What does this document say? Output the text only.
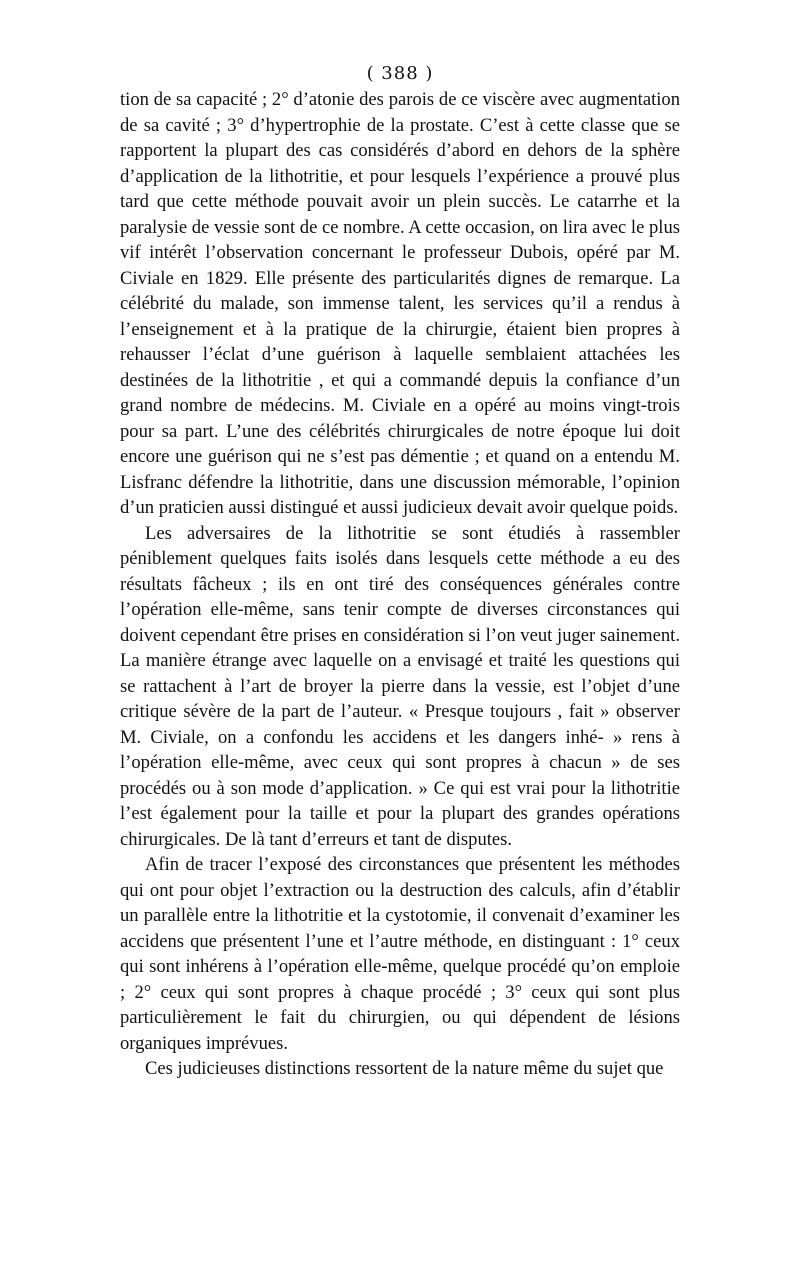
( 388 )

tion de sa capacité ; 2° d’atonie des parois de ce viscère avec augmentation de sa cavité ; 3° d’hypertrophie de la prostate. C’est à cette classe que se rapportent la plupart des cas considérés d’abord en dehors de la sphère d’application de la lithotritie, et pour lesquels l’expérience a prouvé plus tard que cette méthode pouvait avoir un plein succès. Le catarrhe et la paralysie de vessie sont de ce nombre. A cette occasion, on lira avec le plus vif intérêt l’observation concernant le professeur Dubois, opéré par M. Civiale en 1829. Elle présente des particularités dignes de remarque. La célébrité du malade, son immense talent, les services qu’il a rendus à l’enseignement et à la pratique de la chirurgie, étaient bien propres à rehausser l’éclat d’une guérison à laquelle semblaient attachées les destinées de la lithotritie , et qui a commandé depuis la confiance d’un grand nombre de médecins. M. Civiale en a opéré au moins vingt-trois pour sa part. L’une des célébrités chirurgicales de notre époque lui doit encore une guérison qui ne s’est pas démentie ; et quand on a entendu M. Lisfranc défendre la lithotritie, dans une discussion mémorable, l’opinion d’un praticien aussi distingué et aussi judicieux devait avoir quelque poids.

Les adversaires de la lithotritie se sont étudiés à rassembler péniblement quelques faits isolés dans lesquels cette méthode a eu des résultats fâcheux ; ils en ont tiré des conséquences générales contre l’opération elle-même, sans tenir compte de diverses circonstances qui doivent cependant être prises en considération si l’on veut juger sainement. La manière étrange avec laquelle on a envisagé et traité les questions qui se rattachent à l’art de broyer la pierre dans la vessie, est l’objet d’une critique sévère de la part de l’auteur. « Presque toujours , fait » observer M. Civiale, on a confondu les accidens et les dangers inhé- » rens à l’opération elle-même, avec ceux qui sont propres à chacun » de ses procédés ou à son mode d’application. » Ce qui est vrai pour la lithotritie l’est également pour la taille et pour la plupart des grandes opérations chirurgicales. De là tant d’erreurs et tant de disputes.

Afin de tracer l’exposé des circonstances que présentent les méthodes qui ont pour objet l’extraction ou la destruction des calculs, afin d’établir un parallèle entre la lithotritie et la cystotomie, il convenait d’examiner les accidens que présentent l’une et l’autre méthode, en distinguant : 1° ceux qui sont inhérens à l’opération elle-même, quelque procédé qu’on emploie ; 2° ceux qui sont propres à chaque procédé ; 3° ceux qui sont plus particulièrement le fait du chirurgien, ou qui dépendent de lésions organiques imprévues.

Ces judicieuses distinctions ressortent de la nature même du sujet que
